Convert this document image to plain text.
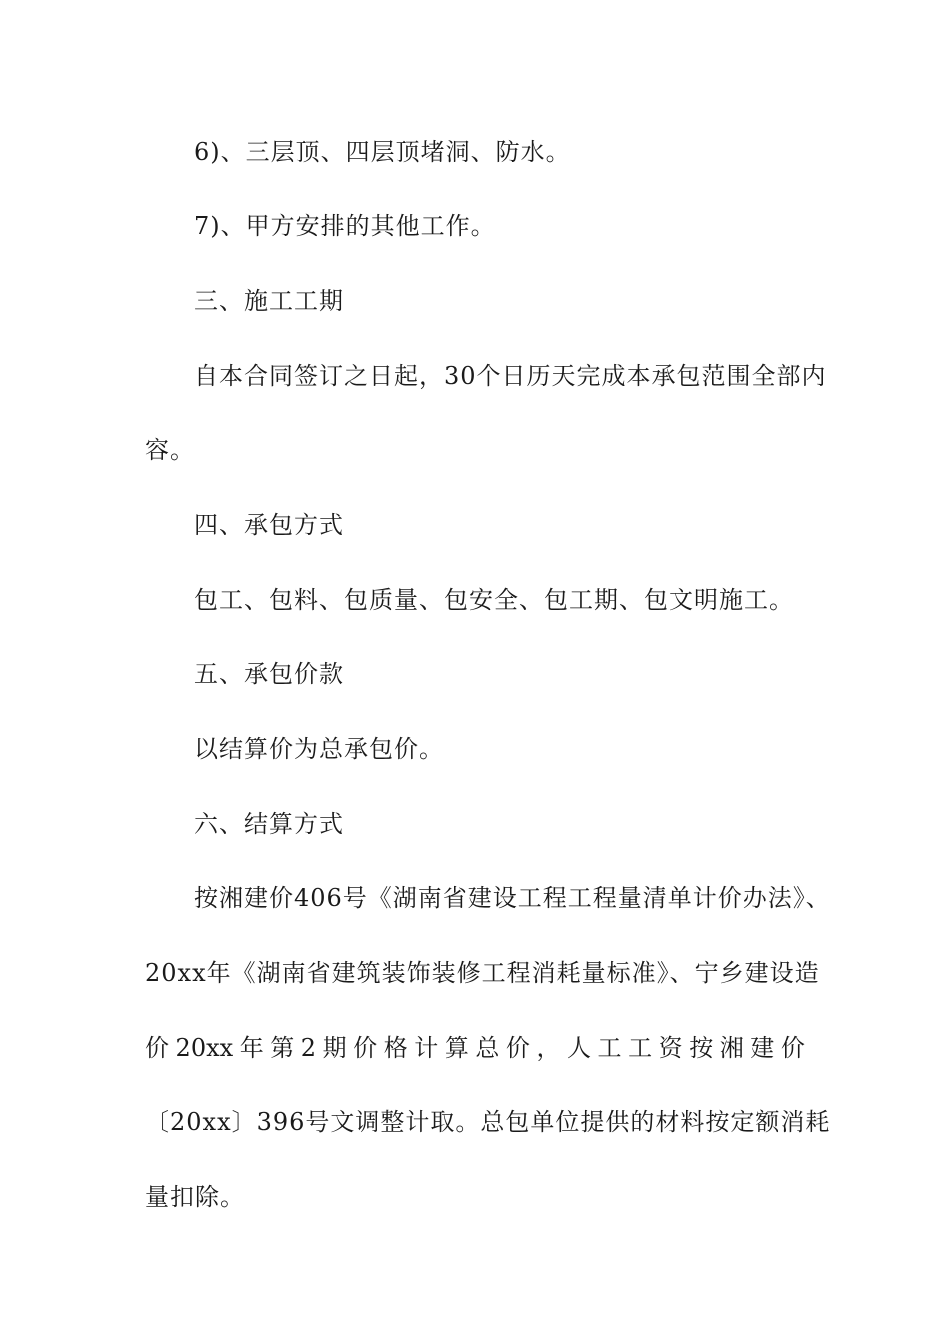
6)、三层顶、四层顶堵洞、防水。
7)、甲方安排的其他工作。
三、施工工期
自本合同签订之日起，30个日历天完成本承包范围全部内
容。
四、承包方式
包工、包料、包质量、包安全、包工期、包文明施工。
五、承包价款
以结算价为总承包价。
六、结算方式
按湘建价406号《湖南省建设工程工程量清单计价办法》、
20xx年《湖南省建筑装饰装修工程消耗量标准》、宁乡建设造
价 20xx 年 第 2 期 价 格 计 算 总 价 ， 人 工 工 资 按 湘 建 价
〔20xx〕396号文调整计取。总包单位提供的材料按定额消耗
量扣除。
